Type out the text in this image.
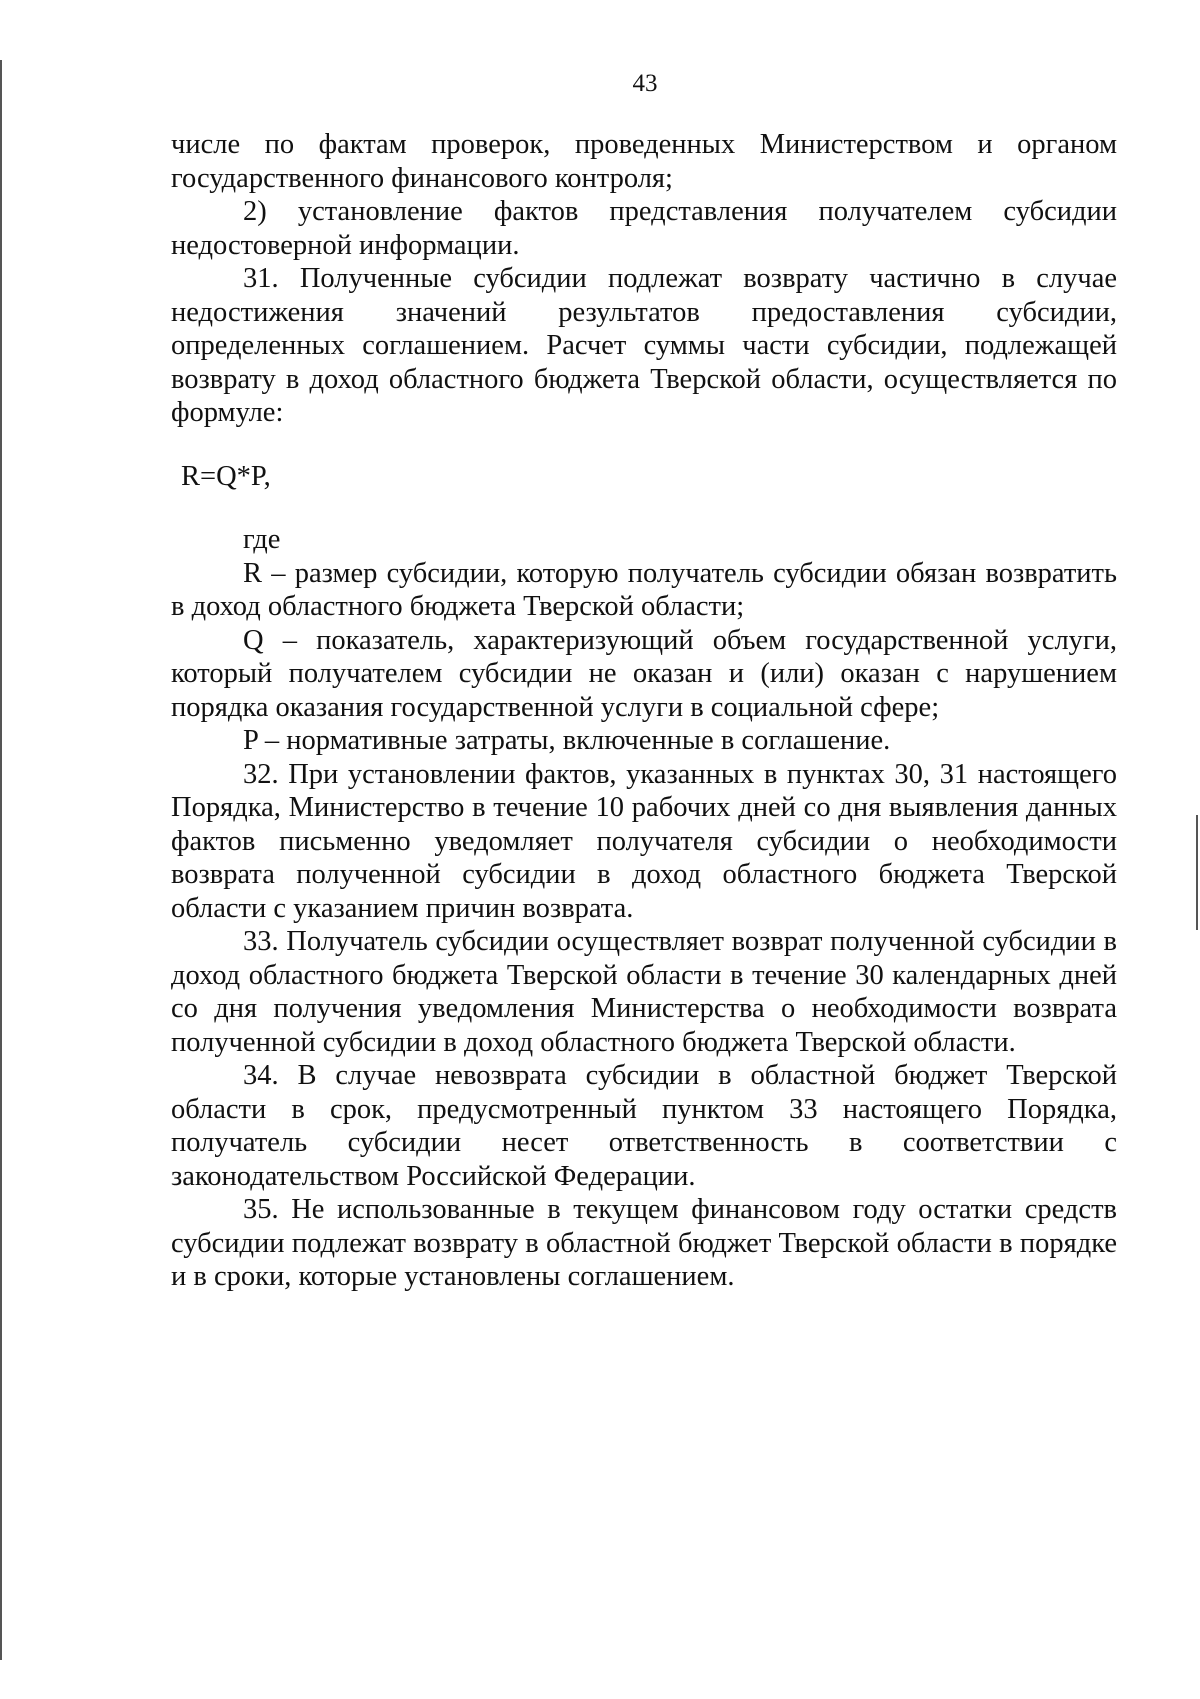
43

числе по фактам проверок, проведенных Министерством и органом государственного финансового контроля;

2) установление фактов представления получателем субсидии недостоверной информации.

31. Полученные субсидии подлежат возврату частично в случае недостижения значений результатов предоставления субсидии, определенных соглашением. Расчет суммы части субсидии, подлежащей возврату в доход областного бюджета Тверской области, осуществляется по формуле:

R=Q*P,

где

R – размер субсидии, которую получатель субсидии обязан возвратить в доход областного бюджета Тверской области;

Q – показатель, характеризующий объем государственной услуги, который получателем субсидии не оказан и (или) оказан с нарушением порядка оказания государственной услуги в социальной сфере;

P – нормативные затраты, включенные в соглашение.

32. При установлении фактов, указанных в пунктах 30, 31 настоящего Порядка, Министерство в течение 10 рабочих дней со дня выявления данных фактов письменно уведомляет получателя субсидии о необходимости возврата полученной субсидии в доход областного бюджета Тверской области с указанием причин возврата.

33. Получатель субсидии осуществляет возврат полученной субсидии в доход областного бюджета Тверской области в течение 30 календарных дней со дня получения уведомления Министерства о необходимости возврата полученной субсидии в доход областного бюджета Тверской области.

34. В случае невозврата субсидии в областной бюджет Тверской области в срок, предусмотренный пунктом 33 настоящего Порядка, получатель субсидии несет ответственность в соответствии с законодательством Российской Федерации.

35. Не использованные в текущем финансовом году остатки средств субсидии подлежат возврату в областной бюджет Тверской области в порядке и в сроки, которые установлены соглашением.
